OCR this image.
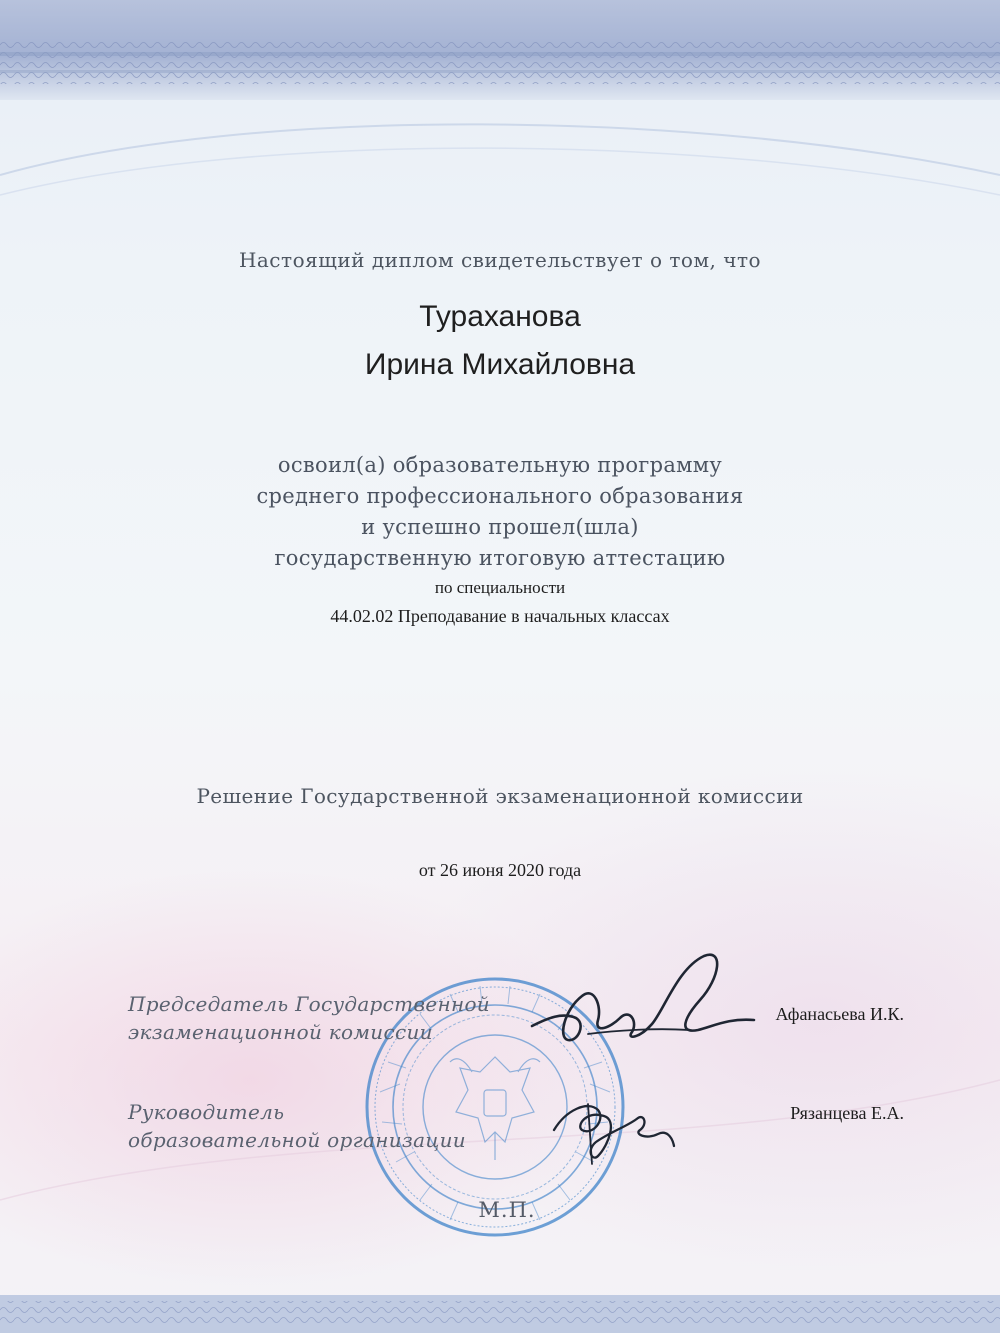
Настоящий диплом свидетельствует о том, что
Тураханова
Ирина Михайловна
освоил(а) образовательную программу
среднего профессионального образования
и успешно прошел(шла)
государственную итоговую аттестацию
по специальности
44.02.02 Преподавание в начальных классах
Решение Государственной экзаменационной комиссии
от 26 июня 2020 года
М.П.
Председатель Государственной
экзаменационной комиссии
Афанасьева И.К.
Руководитель
образовательной организации
Рязанцева Е.А.
